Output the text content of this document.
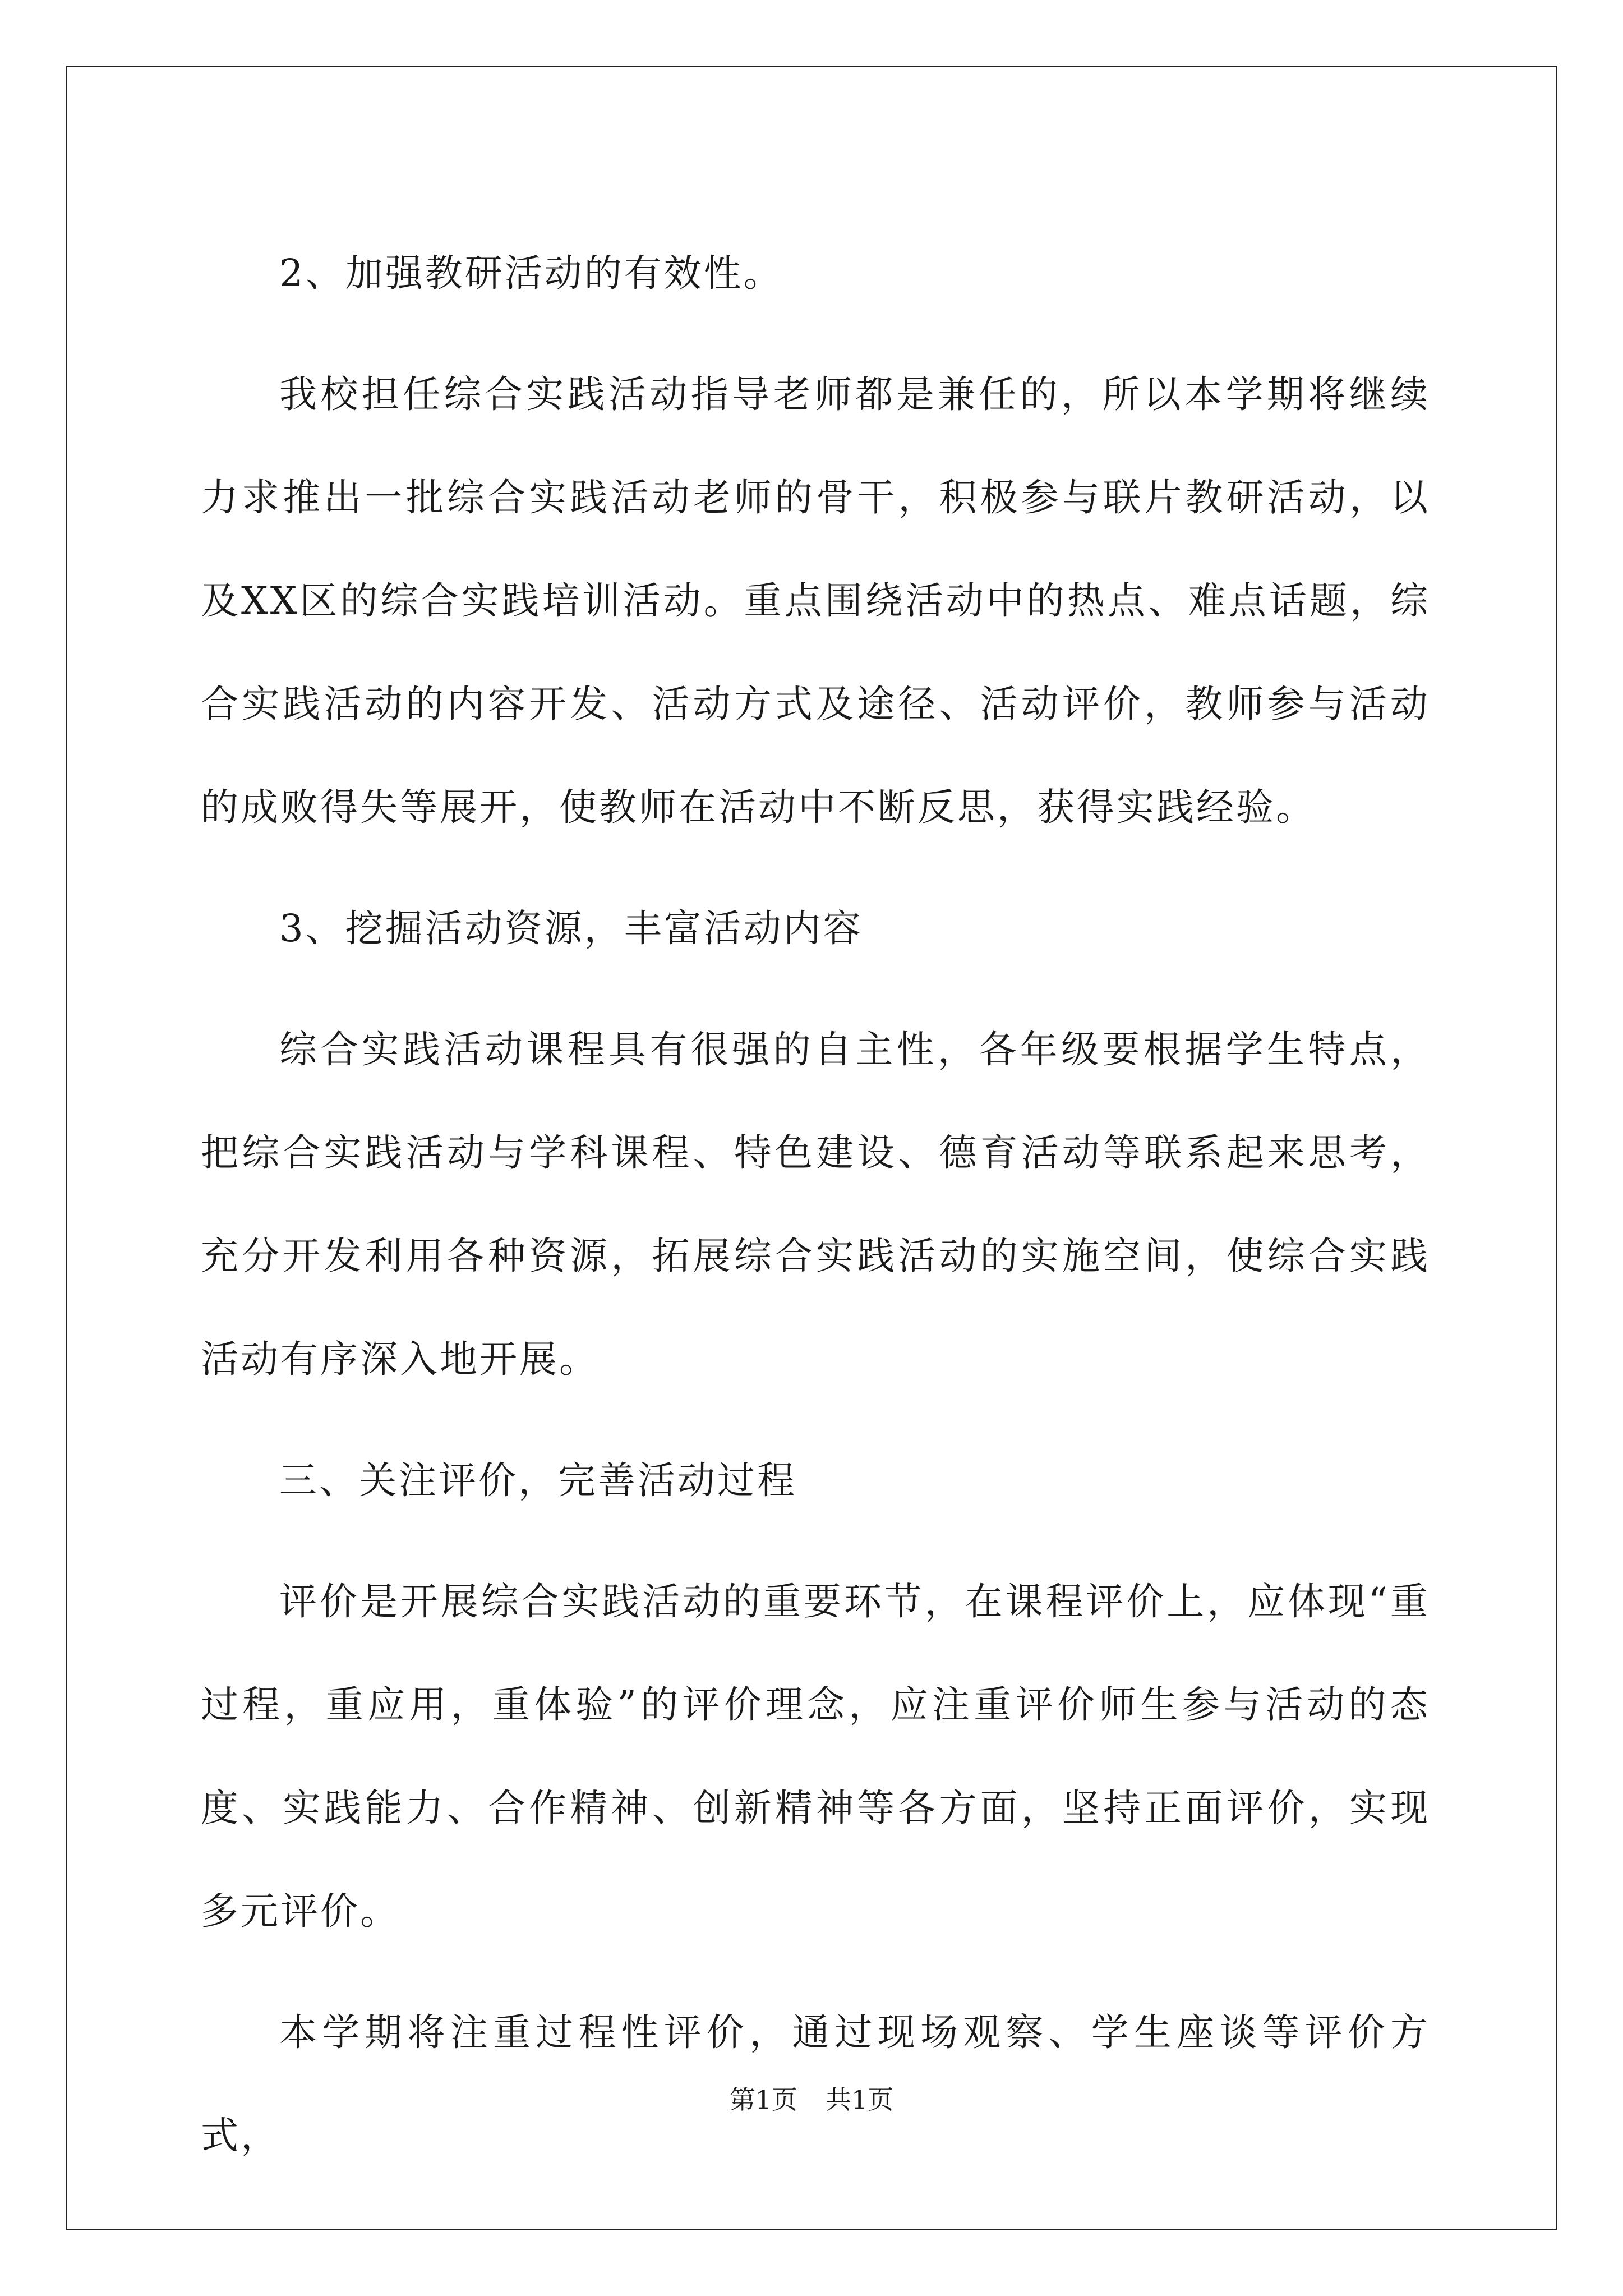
2、加强教研活动的有效性。

我校担任综合实践活动指导老师都是兼任的，所以本学期将继续力求推出一批综合实践活动老师的骨干，积极参与联片教研活动，以及XX区的综合实践培训活动。重点围绕活动中的热点、难点话题，综合实践活动的内容开发、活动方式及途径、活动评价，教师参与活动的成败得失等展开，使教师在活动中不断反思，获得实践经验。

3、挖掘活动资源，丰富活动内容

综合实践活动课程具有很强的自主性，各年级要根据学生特点，把综合实践活动与学科课程、特色建设、德育活动等联系起来思考，充分开发利用各种资源，拓展综合实践活动的实施空间，使综合实践活动有序深入地开展。

三、关注评价，完善活动过程

评价是开展综合实践活动的重要环节，在课程评价上，应体现“重过程，重应用，重体验”的评价理念，应注重评价师生参与活动的态度、实践能力、合作精神、创新精神等各方面，坚持正面评价，实现多元评价。

本学期将注重过程性评价，通过现场观察、学生座谈等评价方式，

第1页 共1页
